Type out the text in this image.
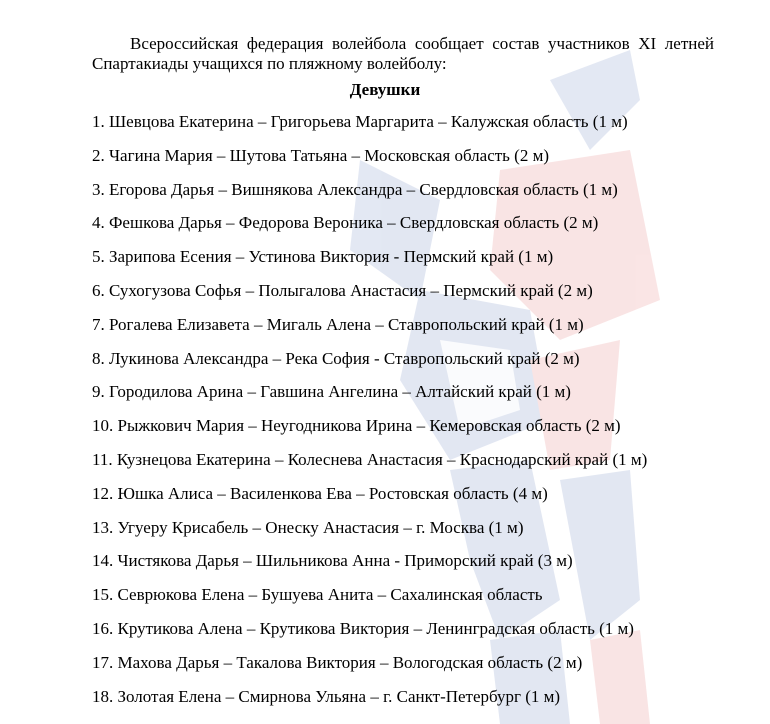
Всероссийская федерация волейбола сообщает состав участников XI летней Спартакиады учащихся по пляжному волейболу:

Девушки

1. Шевцова Екатерина – Григорьева Маргарита – Калужская область (1 м)
2. Чагина Мария – Шутова Татьяна – Московская область (2 м)
3. Егорова Дарья – Вишнякова Александра – Свердловская область (1 м)
4. Фешкова Дарья – Федорова Вероника – Свердловская область (2 м)
5. Зарипова Есения – Устинова Виктория - Пермский край (1 м)
6. Сухогузова Софья – Полыгалова Анастасия – Пермский край (2 м)
7. Рогалева Елизавета – Мигаль Алена – Ставропольский край (1 м)
8. Лукинова Александра – Река София - Ставропольский край (2 м)
9. Городилова Арина – Гавшина Ангелина – Алтайский край (1 м)
10. Рыжкович Мария – Неугодникова Ирина – Кемеровская область (2 м)
11. Кузнецова Екатерина – Колеснева Анастасия – Краснодарский край (1 м)
12. Юшка Алиса – Василенкова Ева – Ростовская область (4 м)
13. Угуеру Крисабель – Онеску Анастасия – г. Москва (1 м)
14. Чистякова Дарья – Шильникова Анна - Приморский край (3 м)
15. Севрюкова Елена – Бушуева Анита – Сахалинская область
16. Крутикова Алена – Крутикова Виктория – Ленинградская область (1 м)
17. Махова Дарья – Такалова Виктория – Вологодская область (2 м)
18. Золотая Елена – Смирнова Ульяна – г. Санкт-Петербург (1 м)
